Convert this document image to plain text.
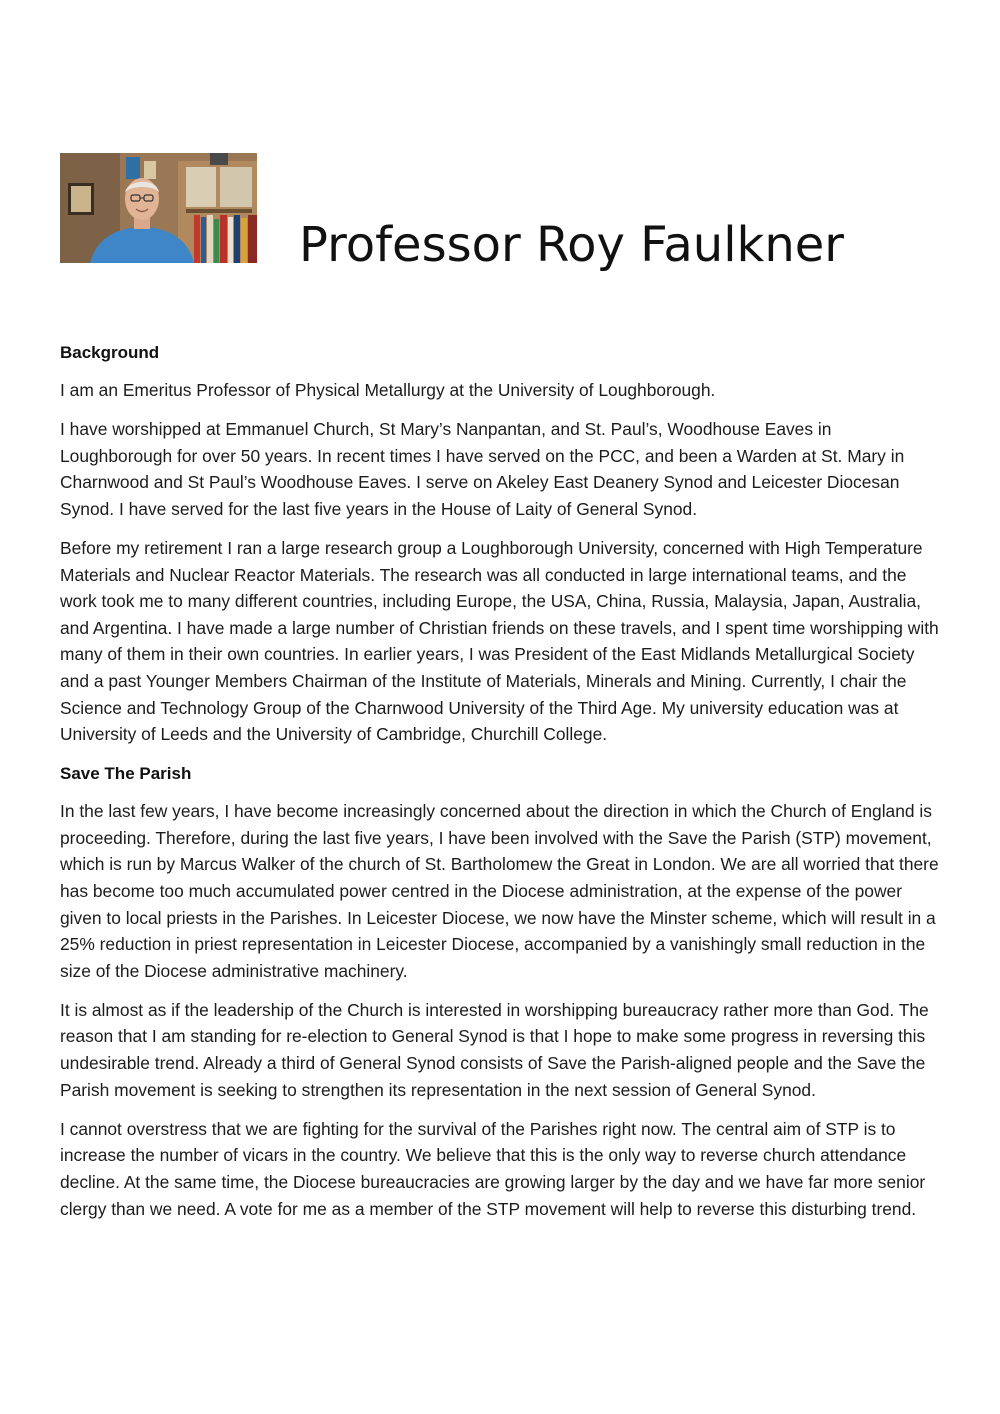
Professor Roy Faulkner
Background

I am an Emeritus Professor of Physical Metallurgy at the University of Loughborough.

I have worshipped at Emmanuel Church, St Mary’s Nanpantan, and St. Paul’s, Woodhouse Eaves in Loughborough for over 50 years. In recent times I have served on the PCC, and been a Warden at St. Mary in Charnwood and St Paul’s Woodhouse Eaves. I serve on Akeley East Deanery Synod and Leicester Diocesan Synod. I have served for the last five years in the House of Laity of General Synod.

Before my retirement I ran a large research group a Loughborough University, concerned with High Temperature Materials and Nuclear Reactor Materials. The research was all conducted in large international teams, and the work took me to many different countries, including Europe, the USA, China, Russia, Malaysia, Japan, Australia, and Argentina. I have made a large number of Christian friends on these travels, and I spent time worshipping with many of them in their own countries. In earlier years, I was President of the East Midlands Metallurgical Society and a past Younger Members Chairman of the Institute of Materials, Minerals and Mining. Currently, I chair the Science and Technology Group of the Charnwood University of the Third Age. My university education was at University of Leeds and the University of Cambridge, Churchill College.

Save The Parish

In the last few years, I have become increasingly concerned about the direction in which the Church of England is proceeding. Therefore, during the last five years, I have been involved with the Save the Parish (STP) movement, which is run by Marcus Walker of the church of St. Bartholomew the Great in London. We are all worried that there has become too much accumulated power centred in the Diocese administration, at the expense of the power given to local priests in the Parishes. In Leicester Diocese, we now have the Minster scheme, which will result in a 25% reduction in priest representation in Leicester Diocese, accompanied by a vanishingly small reduction in the size of the Diocese administrative machinery.

It is almost as if the leadership of the Church is interested in worshipping bureaucracy rather more than God. The reason that I am standing for re-election to General Synod is that I hope to make some progress in reversing this undesirable trend. Already a third of General Synod consists of Save the Parish-aligned people and the Save the Parish movement is seeking to strengthen its representation in the next session of General Synod.

I cannot overstress that we are fighting for the survival of the Parishes right now. The central aim of STP is to increase the number of vicars in the country. We believe that this is the only way to reverse church attendance decline. At the same time, the Diocese bureaucracies are growing larger by the day and we have far more senior clergy than we need. A vote for me as a member of the STP movement will help to reverse this disturbing trend.
